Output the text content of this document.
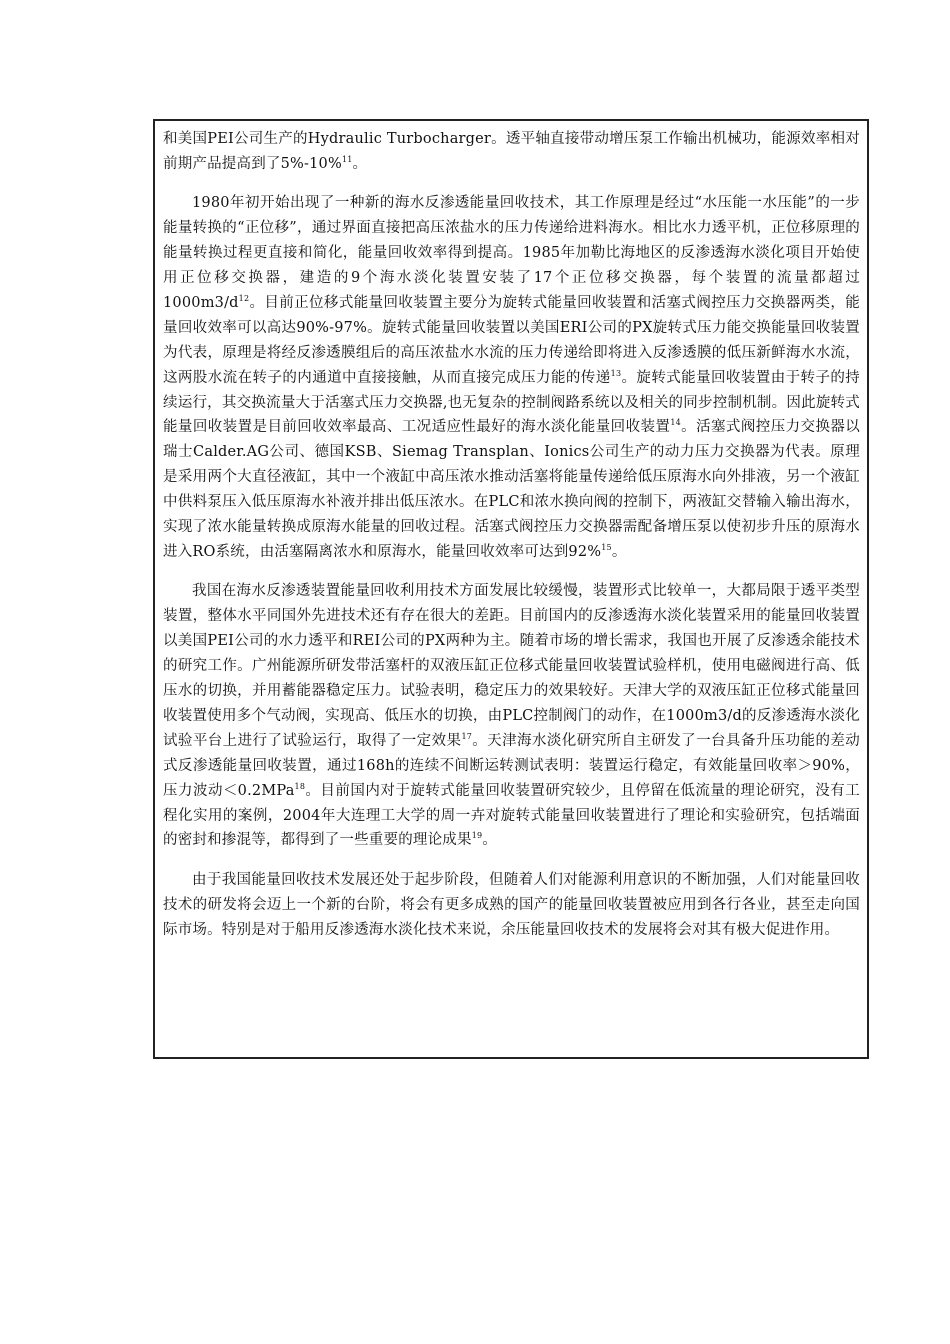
和美国PEI公司生产的Hydraulic Turbocharger。透平轴直接带动增压泵工作输出机械功，能源效率相对前期产品提高到了5%-10%$^{11}$。

1980年初开始出现了一种新的海水反渗透能量回收技术，其工作原理是经过“水压能一水压能”的一步能量转换的“正位移”，通过界面直接把高压浓盐水的压力传递给进料海水。相比水力透平机，正位移原理的能量转换过程更直接和简化，能量回收效率得到提高。1985年加勒比海地区的反渗透海水淡化项目开始使用正位移交换器，建造的9个海水淡化装置安装了17个正位移交换器，每个装置的流量都超过$1000m3/d^{12}$。目前正位移式能量回收装置主要分为旋转式能量回收装置和活塞式阀控压力交换器两类，能量回收效率可以高达90%-97%。旋转式能量回收装置以美国ERI公司的PX旋转式压力能交换能量回收装置为代表，原理是将经反渗透膜组后的高压浓盐水水流的压力传递给即将进入反渗透膜的低压新鲜海水水流，这两股水流在转子的内通道中直接接触，从而直接完成压力能的传递$^{13}$。旋转式能量回收装置由于转子的持续运行，其交换流量大于活塞式压力交换器,也无复杂的控制阀路系统以及相关的同步控制机制。因此旋转式能量回收装置是目前回收效率最高、工况适应性最好的海水淡化能量回收装置$^{14}$。活塞式阀控压力交换器以瑞士Calder.AG公司、德国KSB、Siemag Transplan、Ionics公司生产的动力压力交换器为代表。原理是采用两个大直径液缸，其中一个液缸中高压浓水推动活塞将能量传递给低压原海水向外排液，另一个液缸中供料泵压入低压原海水补液并排出低压浓水。在PLC和浓水换向阀的控制下，两液缸交替输入输出海水，实现了浓水能量转换成原海水能量的回收过程。活塞式阀控压力交换器需配备增压泵以使初步升压的原海水进入RO系统，由活塞隔离浓水和原海水，能量回收效率可达到92%$^{15}$。

我国在海水反渗透装置能量回收利用技术方面发展比较缓慢，装置形式比较单一，大都局限于透平类型装置，整体水平同国外先进技术还有存在很大的差距。目前国内的反渗透海水淡化装置采用的能量回收装置以美国PEI公司的水力透平和REI公司的PX两种为主。随着市场的增长需求，我国也开展了反渗透余能技术的研究工作。广州能源所研发带活塞杆的双液压缸正位移式能量回收装置试验样机，使用电磁阀进行高、低压水的切换，并用蓄能器稳定压力。试验表明，稳定压力的效果较好。天津大学的双液压缸正位移式能量回收装置使用多个气动阀，实现高、低压水的切换，由PLC控制阀门的动作，在1000m3/d的反渗透海水淡化试验平台上进行了试验运行，取得了一定效果$^{17}$。天津海水淡化研究所自主研发了一台具备升压功能的差动式反渗透能量回收装置，通过168h的连续不间断运转测试表明：装置运行稳定，有效能量回收率＞90%，压力波动＜0.2MPa$^{18}$。目前国内对于旋转式能量回收装置研究较少，且停留在低流量的理论研究，没有工程化实用的案例，2004年大连理工大学的周一卉对旋转式能量回收装置进行了理论和实验研究，包括端面的密封和掺混等，都得到了一些重要的理论成果$^{19}$。

由于我国能量回收技术发展还处于起步阶段，但随着人们对能源利用意识的不断加强，人们对能量回收技术的研发将会迈上一个新的台阶，将会有更多成熟的国产的能量回收装置被应用到各行各业，甚至走向国际市场。特别是对于船用反渗透海水淡化技术来说，余压能量回收技术的发展将会对其有极大促进作用。
